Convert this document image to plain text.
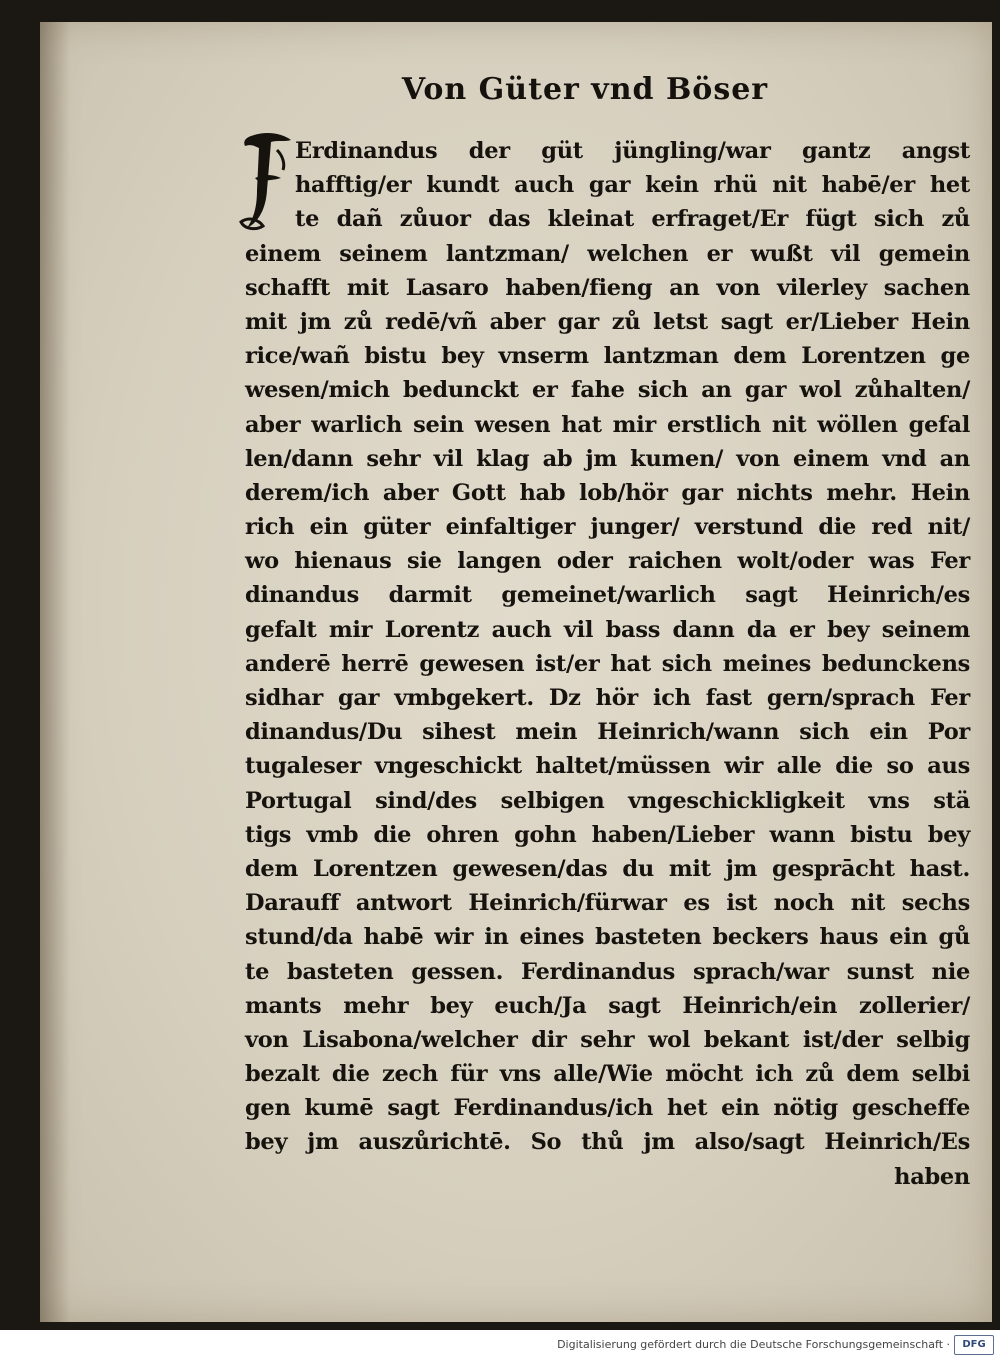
Von Güter vnd Böser
Erdinandus der güt jüngling/war gantz angst
hafftig/er kundt auch gar kein rhü nit habē/er het
te dañ zůuor das kleinat erfraget/Er fügt sich zů
einem seinem lantzman/ welchen er wußt vil gemein
schafft mit Lasaro haben/fieng an von vilerley sachen
mit jm zů redē/vñ aber gar zů letst sagt er/Lieber Hein
rice/wañ bistu bey vnserm lantzman dem Lorentzen ge
wesen/mich bedunckt er fahe sich an gar wol zůhalten/
aber warlich sein wesen hat mir erstlich nit wöllen gefal
len/dann sehr vil klag ab jm kumen/ von einem vnd an
derem/ich aber Gott hab lob/hör gar nichts mehr. Hein
rich ein güter einfaltiger junger/ verstund die red nit/
wo hienaus sie langen oder raichen wolt/oder was Fer
dinandus darmit gemeinet/warlich sagt Heinrich/es
gefalt mir Lorentz auch vil bass dann da er bey seinem
anderē herrē gewesen ist/er hat sich meines bedunckens
sidhar gar vmbgekert. Dz hör ich fast gern/sprach Fer
dinandus/Du sihest mein Heinrich/wann sich ein Por
tugaleser vngeschickt haltet/müssen wir alle die so aus
Portugal sind/des selbigen vngeschickligkeit vns stä
tigs vmb die ohren gohn haben/Lieber wann bistu bey
dem Lorentzen gewesen/das du mit jm gesprācht hast.
Darauff antwort Heinrich/fürwar es ist noch nit sechs
stund/da habē wir in eines basteten beckers haus ein gů
te basteten gessen. Ferdinandus sprach/war sunst nie
mants mehr bey euch/Ja sagt Heinrich/ein zollerier/
von Lisabona/welcher dir sehr wol bekant ist/der selbig
bezalt die zech für vns alle/Wie möcht ich zů dem selbi
gen kumē sagt Ferdinandus/ich het ein nötig gescheffe
bey jm auszůrichtē. So thů jm also/sagt Heinrich/Es
haben
Digitalisierung gefördert durch die Deutsche Forschungsgemeinschaft ·	DFG
